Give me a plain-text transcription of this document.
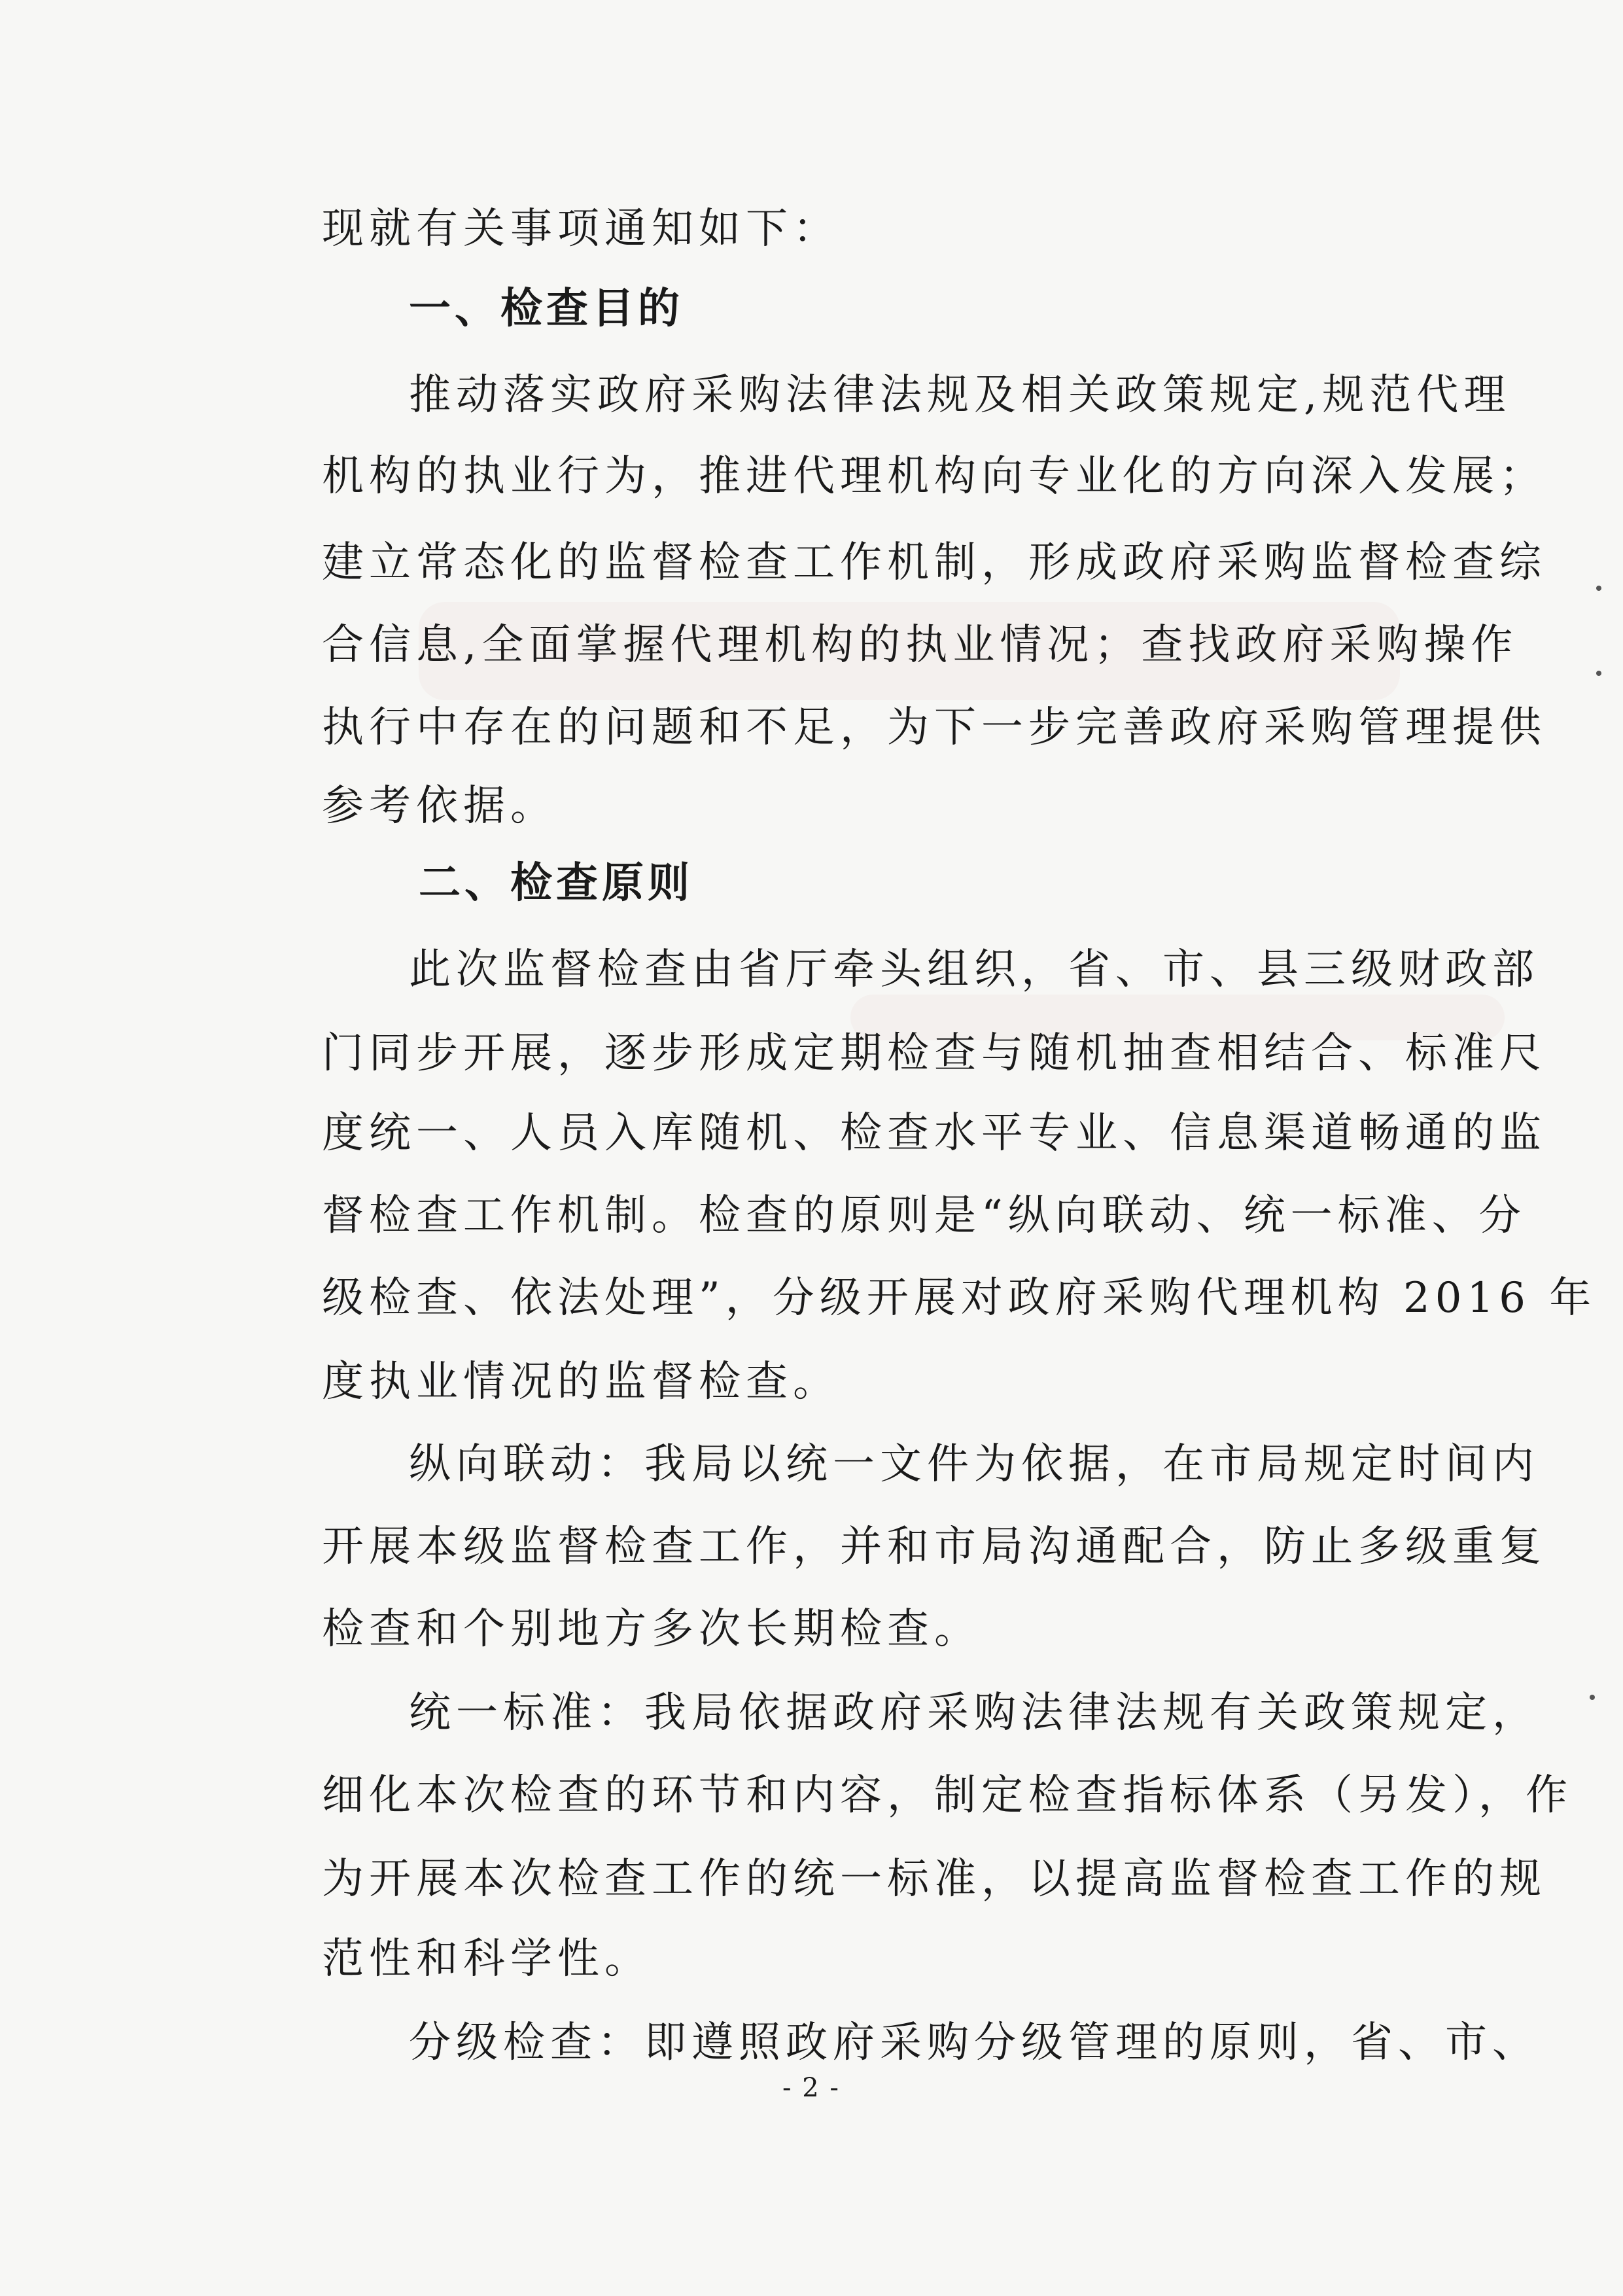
现就有关事项通知如下：
一、检查目的
推动落实政府采购法律法规及相关政策规定,规范代理
机构的执业行为，推进代理机构向专业化的方向深入发展；
建立常态化的监督检查工作机制，形成政府采购监督检查综
合信息,全面掌握代理机构的执业情况；查找政府采购操作
执行中存在的问题和不足，为下一步完善政府采购管理提供
参考依据。
二、检查原则
此次监督检查由省厅牵头组织，省、市、县三级财政部
门同步开展，逐步形成定期检查与随机抽查相结合、标准尺
度统一、人员入库随机、检查水平专业、信息渠道畅通的监
督检查工作机制。检查的原则是“纵向联动、统一标准、分
级检查、依法处理”，分级开展对政府采购代理机构 2016 年
度执业情况的监督检查。
纵向联动：我局以统一文件为依据，在市局规定时间内
开展本级监督检查工作，并和市局沟通配合，防止多级重复
检查和个别地方多次长期检查。
统一标准：我局依据政府采购法律法规有关政策规定，
细化本次检查的环节和内容，制定检查指标体系（另发），作
为开展本次检查工作的统一标准，以提高监督检查工作的规
范性和科学性。
分级检查：即遵照政府采购分级管理的原则，省、市、
- 2 -
